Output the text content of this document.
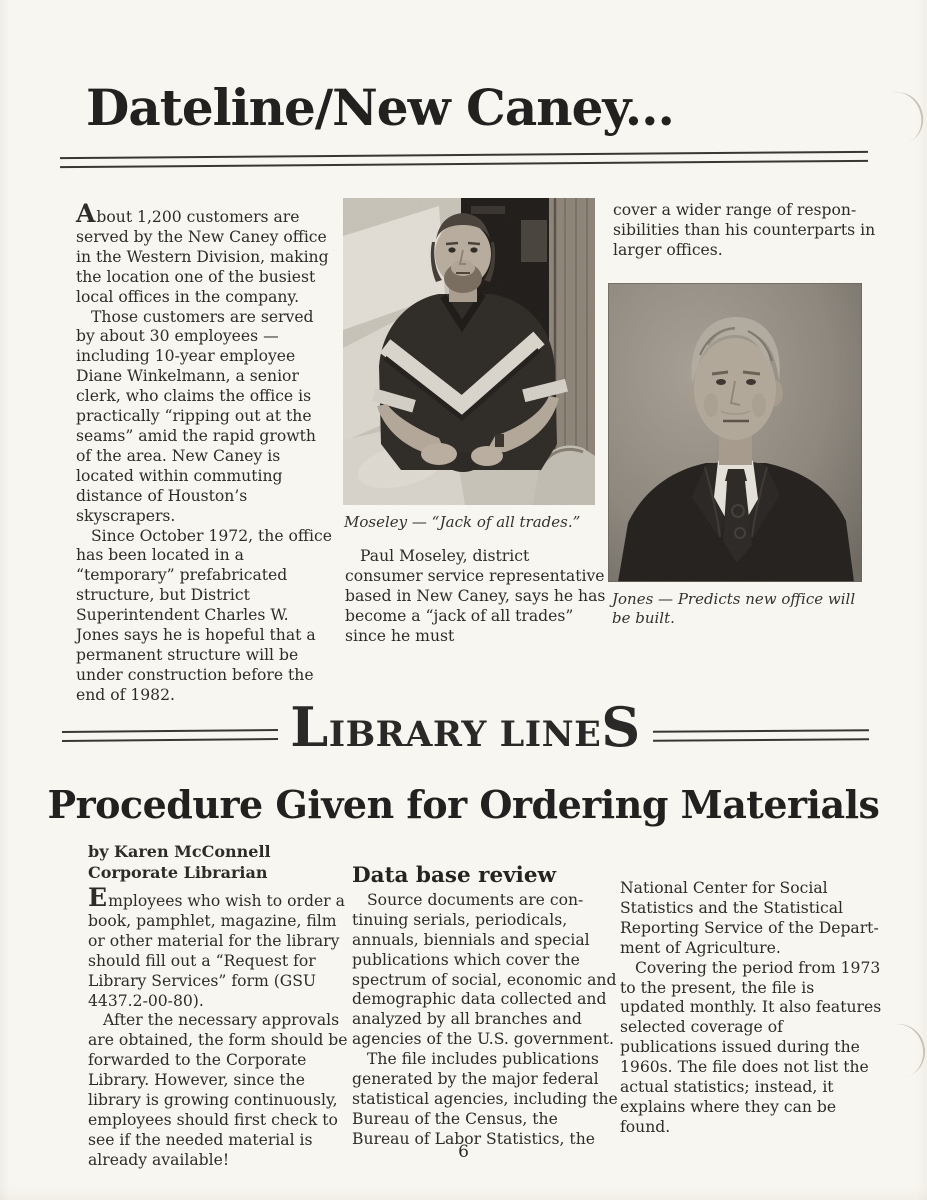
Dateline/New Caney...

About 1,200 customers are served by the New Caney office in the Western Division, making the location one of the busiest local offices in the company.

Those customers are served by about 30 employees — including 10-year employee Diane Winkelmann, a senior clerk, who claims the office is practically “ripping out at the seams” amid the rapid growth of the area. New Caney is located within commuting distance of Houston’s skyscrapers.

Since October 1972, the office has been located in a “temporary” prefabricated structure, but District Superintendent Charles W. Jones says he is hopeful that a permanent structure will be under construction before the end of 1982.

Moseley — “Jack of all trades.”

Paul Moseley, district consumer service representative based in New Caney, says he has become a “jack of all trades” since he must

cover a wider range of responsibilities than his counterparts in larger offices.

Jones — Predicts new office will be built.
LIBRARY LINES
Procedure Given for Ordering Materials

by Karen McConnell
Corporate Librarian

Employees who wish to order a book, pamphlet, magazine, film or other material for the library should fill out a “Request for Library Services” form (GSU 4437.2-00-80).

After the necessary approvals are obtained, the form should be forwarded to the Corporate Library. However, since the library is growing continuously, employees should first check to see if the needed material is already available!

Data base review

Source documents are continuing serials, periodicals, annuals, biennials and special publications which cover the spectrum of social, economic and demographic data collected and analyzed by all branches and agencies of the U.S. government.

The file includes publications generated by the major federal statistical agencies, including the Bureau of the Census, the Bureau of Labor Statistics, the

National Center for Social Statistics and the Statistical Reporting Service of the Department of Agriculture.

Covering the period from 1973 to the present, the file is updated monthly. It also features selected coverage of publications issued during the 1960s. The file does not list the actual statistics; instead, it explains where they can be found.

6
